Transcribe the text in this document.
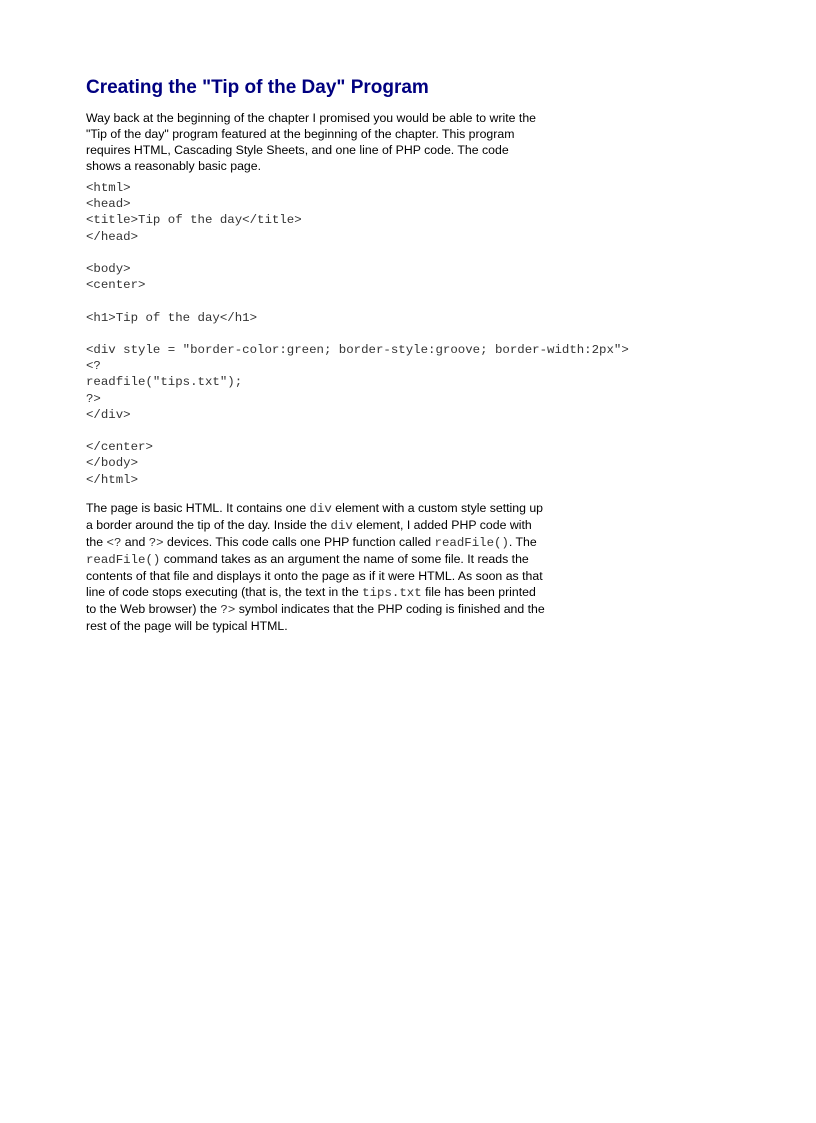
Creating the "Tip of the Day" Program

Way back at the beginning of the chapter I promised you would be able to write the "Tip of the day" program featured at the beginning of the chapter. This program requires HTML, Cascading Style Sheets, and one line of PHP code. The code shows a reasonably basic page.

<html>
<head>
<title>Tip of the day</title>
</head>

<body>
<center>

<h1>Tip of the day</h1>

<div style = "border-color:green; border-style:groove; border-width:2px">
<?
readfile("tips.txt");
?>
</div>

</center>
</body>
</html>

The page is basic HTML. It contains one div element with a custom style setting up a border around the tip of the day. Inside the div element, I added PHP code with the <? and ?> devices. This code calls one PHP function called readFile(). The readFile() command takes as an argument the name of some file. It reads the contents of that file and displays it onto the page as if it were HTML. As soon as that line of code stops executing (that is, the text in the tips.txt file has been printed to the Web browser) the ?> symbol indicates that the PHP coding is finished and the rest of the page will be typical HTML.
